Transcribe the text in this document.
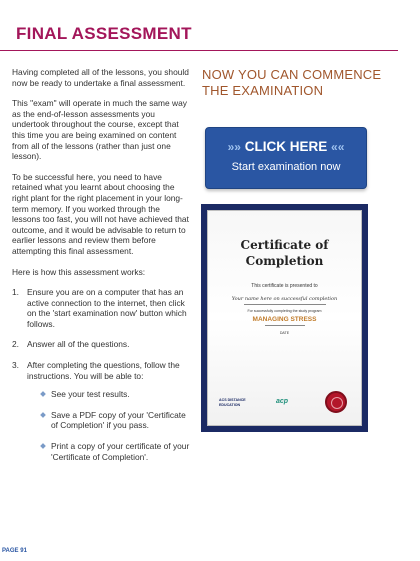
FINAL ASSESSMENT

Having completed all of the lessons, you should now be ready to undertake a final assessment.

This "exam" will operate in much the same way as the end-of-lesson assessments you undertook throughout the course, except that this time you are being examined on content from all of the lessons (rather than just one lesson).

To be successful here, you need to have retained what you learnt about choosing the right plant for the right placement in your long-term memory. If you worked through the lessons too fast, you will not have achieved that outcome, and it would be advisable to return to earlier lessons and review them before attempting this final assessment.

Here is how this assessment works:

1. Ensure you are on a computer that has an active connection to the internet, then click on the 'start examination now' button which follows.
2. Answer all of the questions.
3. After completing the questions, follow the instructions. You will be able to:
See your test results.
Save a PDF copy of your 'Certificate of Completion' if you pass.
Print a copy of your certificate of your 'Certificate of Completion'.
NOW YOU CAN COMMENCE THE EXAMINATION
»» CLICK HERE ««
Start examination now
Certificate of
Completion
This certificate is presented to
Your name here on successful completion
For successfully completing the study program
MANAGING STRESS
DATE
ACS DISTANCE
EDUCATION	acp
PAGE 91
